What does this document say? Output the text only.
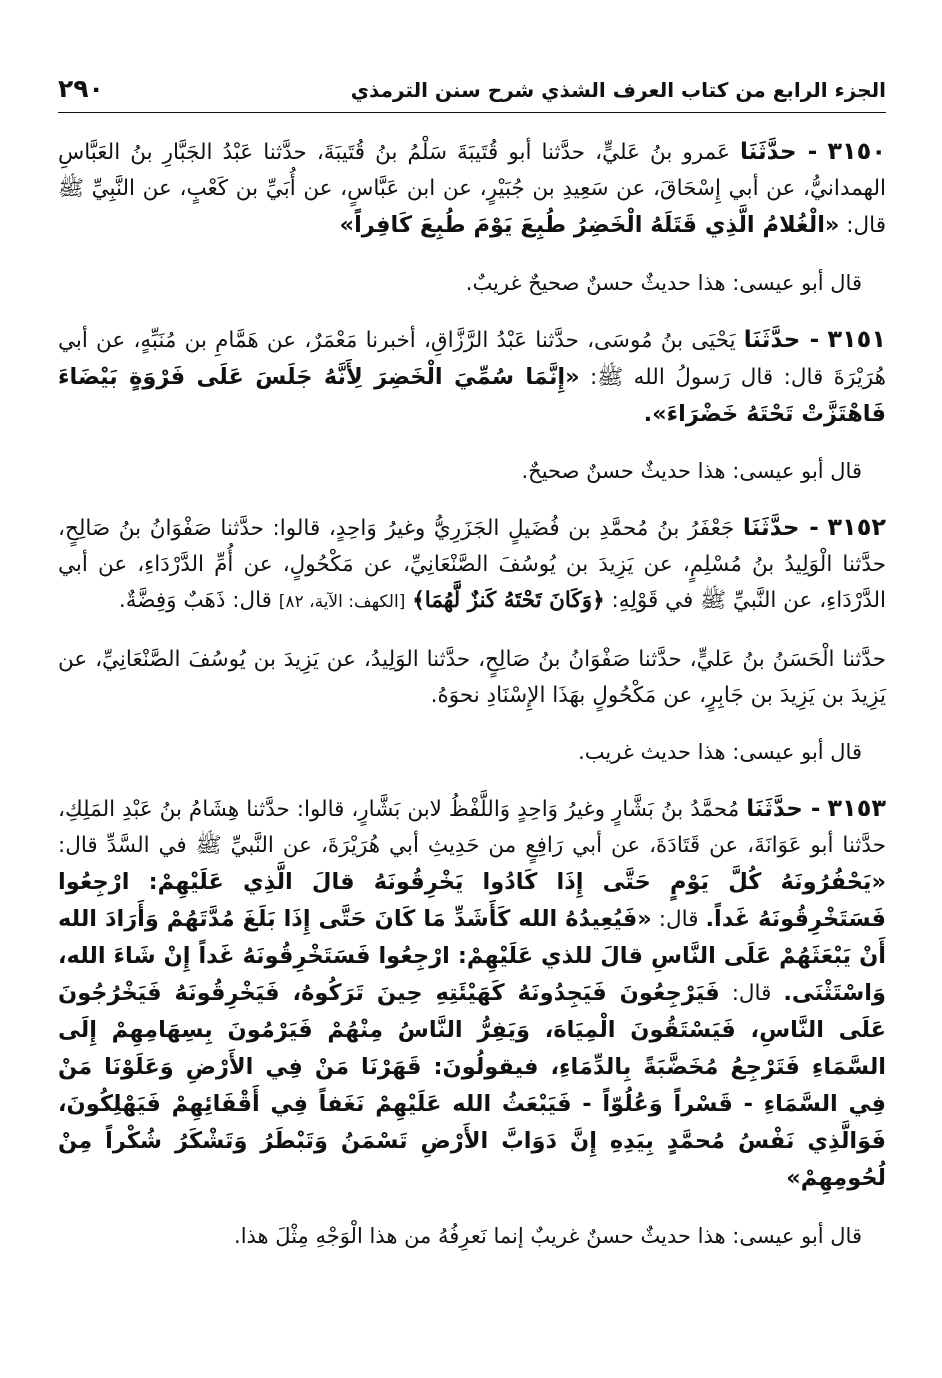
٢٩٠	الجزء الرابع من كتاب العرف الشذي شرح سنن الترمذي

٣١٥٠ - حدَّثَنَا عَمرو بنُ عَليٍّ، حدَّثنا أبو قُتَيبَةَ سَلْمُ بنُ قُتَيبَةَ، حدَّثنا عَبْدُ الجَبَّارِ بنُ العَبَّاسِ الهمدانيُّ، عن أبي إِسْحَاقَ، عن سَعِيدِ بن جُبَيْرٍ، عن ابن عَبَّاسٍ، عن أُبَيِّ بن كَعْبٍ، عن النَّبِيِّ ﷺ قال: «الْغُلامُ الَّذِي قَتَلَهُ الْخَضِرُ طُبِعَ يَوْمَ طُبِعَ كَافِراً»

قال أبو عيسى: هذا حديثٌ حسنٌ صحيحٌ غريبٌ.

٣١٥١ - حدَّثَنَا يَحْيَى بنُ مُوسَى، حدَّثنا عَبْدُ الرَّزَّاقِ، أخبرنا مَعْمَرٌ، عن هَمَّامِ بن مُنَبِّهٍ، عن أبي هُرَيْرَةَ قال: قال رَسولُ الله ﷺ: «إِنَّمَا سُمِّيَ الْخَضِرَ لِأَنَّهُ جَلَسَ عَلَى فَرْوَةٍ بَيْضَاءَ فَاهْتَزَّتْ تَحْتَهُ خَضْرَاءَ».

قال أبو عيسى: هذا حديثٌ حسنٌ صحيحٌ.

٣١٥٢ - حدَّثَنَا جَعْفَرُ بنُ مُحمَّدِ بن فُضَيلٍ الجَزَرِيُّ وغيرُ وَاحِدٍ، قالوا: حدَّثنا صَفْوَانُ بنُ صَالِحٍ، حدَّثنا الْوَلِيدُ بنُ مُسْلِمٍ، عن يَزِيدَ بن يُوسُفَ الصَّنْعَانِيِّ، عن مَكْحُولٍ، عن أُمِّ الدَّرْدَاءِ، عن أبي الدَّرْدَاءِ، عن النَّبيِّ ﷺ في قَوْلِهِ: ﴿وَكَانَ تَحْتَهُ كَنزٌ لَّهُمَا﴾ [الكهف: الآية، ٨٢] قال: ذَهَبٌ وَفِضَّةٌ.

حدَّثنا الْحَسَنُ بنُ عَليٍّ، حدَّثنا صَفْوَانُ بنُ صَالِحٍ، حدَّثنا الوَلِيدُ، عن يَزِيدَ بن يُوسُفَ الصَّنْعَانِيِّ، عن يَزِيدَ بن يَزِيدَ بن جَابِرٍ، عن مَكْحُولٍ بهَذَا الإِسْنَادِ نحوَهُ.

قال أبو عيسى: هذا حديث غريب.

٣١٥٣ - حدَّثَنَا مُحمَّدُ بنُ بَشَّارٍ وغيرُ وَاحِدٍ وَاللَّفْظُ لابن بَشَّارٍ، قالوا: حدَّثنا هِشَامُ بنُ عَبْدِ المَلِكِ، حدَّثنا أبو عَوَانَةَ، عن قَتَادَةَ، عن أبي رَافِعٍ من حَدِيثِ أبي هُرَيْرَةَ، عن النَّبيِّ ﷺ في السَّدِّ قال: «يَحْفُرُونَهُ كُلَّ يَوْمٍ حَتَّى إِذَا كَادُوا يَخْرِقُونَهُ قالَ الَّذِي عَلَيْهِمْ: ارْجِعُوا فَسَتَخْرِقُونَهُ غَداً. قال: «فَيُعِيدُهُ الله كَأَشَدِّ مَا كَانَ حَتَّى إِذَا بَلَغَ مُدَّتَهُمْ وَأَرَادَ الله أَنْ يَبْعَثَهُمْ عَلَى النَّاسِ قالَ للذي عَلَيْهِمْ: ارْجِعُوا فَسَتَخْرِقُونَهُ غَداً إِنْ شَاءَ الله، وَاسْتَثْنَى. قال: فَيَرْجِعُونَ فَيَجِدُونَهُ كَهَيْئَتِهِ حِينَ تَرَكُوهُ، فَيَخْرِقُونَهُ فَيَخْرُجُونَ عَلَى النَّاسِ، فَيَسْتَقُونَ الْمِيَاهَ، وَيَفِرُّ النَّاسُ مِنْهُمْ فَيَرْمُونَ بِسِهَامِهِمْ إِلَى السَّمَاءِ فَتَرْجِعُ مُخَضَّبَةً بِالدِّمَاءِ، فيقولُونَ: قَهَرْنَا مَنْ فِي الأَرْضِ وَعَلَوْنَا مَنْ فِي السَّمَاءِ - قَسْراً وَعُلُوّاً - فَيَبْعَثُ الله عَلَيْهِمْ نَغَفاً فِي أَقْفَائِهِمْ فَيَهْلِكُونَ، فَوَالَّذِي نَفْسُ مُحمَّدٍ بِيَدِهِ إِنَّ دَوَابَّ الأَرْضِ تَسْمَنُ وَتَبْطَرُ وَتَشْكَرُ شُكْراً مِنْ لُحُومِهِمْ»

قال أبو عيسى: هذا حديثٌ حسنٌ غريبٌ إنما نَعرِفُهُ من هذا الْوَجْهِ مِثْلَ هذا.
